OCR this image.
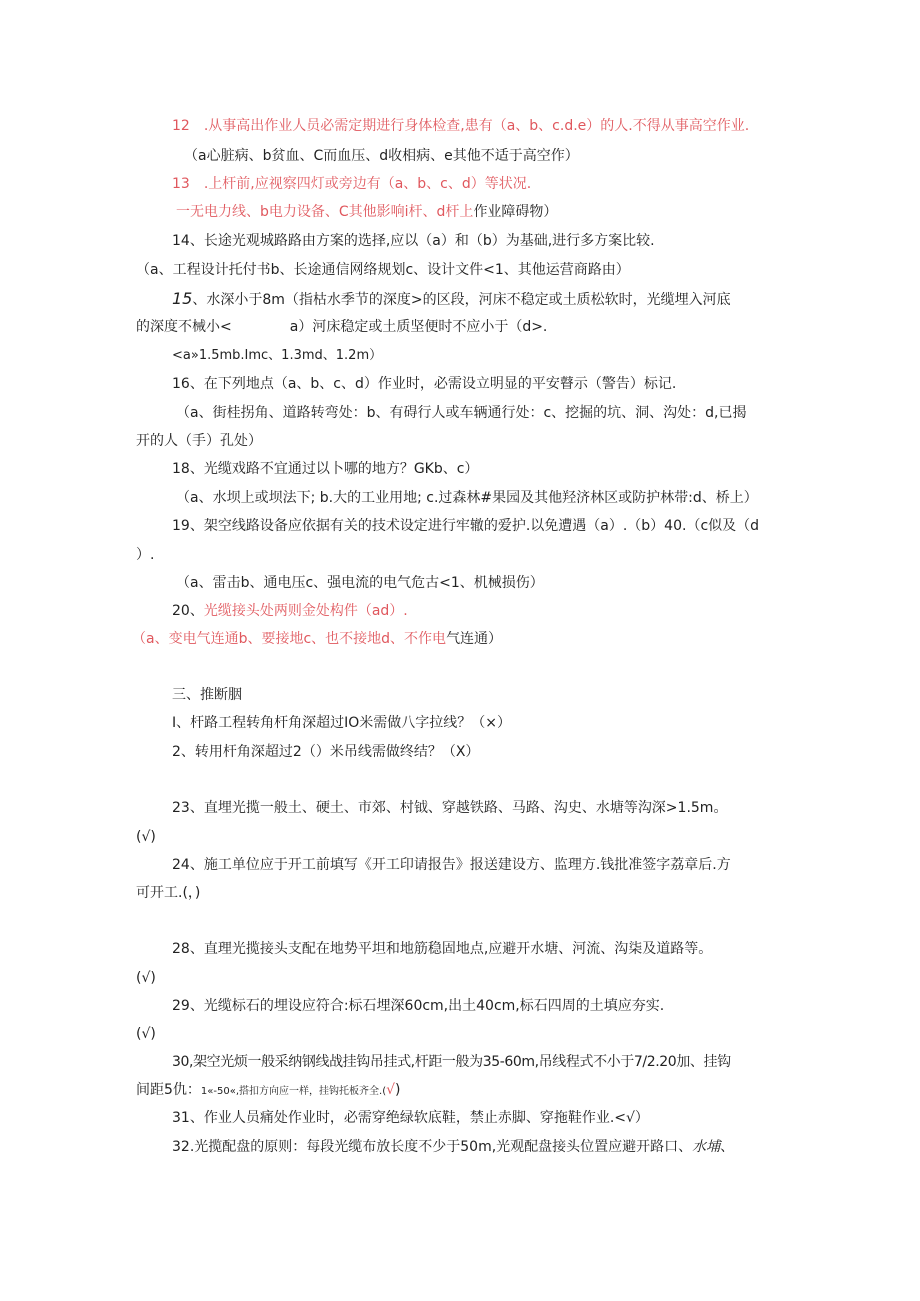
12　.从事高出作业人员必需定期进行身体检查,患有（a、b、c.d.e）的人.不得从事高空作业.
（a心脏病、b贫血、C而血压、d收相病、e其他不适于高空作）
13　.上杆前,应视察四灯或旁边有（a、b、c、d）等状况.
一无电力线、b电力设备、C其他影响i杆、d杆上作业障碍物）
14、长途光观城路路由方案的选择,应以（a）和（b）为基础,进行多方案比较.
（a、工程设计托付书b、长途通信网络规划c、设计文件<1、其他运营商路由）
15、水深小于8m（指枯水季节的深度>的区段，河床不稳定或土质松软时，光缆埋入河底
的深度不械小<	a）河床稳定或土质坚便时不应小于（d>.
<a»1.5mb.Imc、1.3md、1.2m）
16、在下列地点（a、b、c、d）作业时，必需设立明显的平安瞽示（警告）标记.
（a、街桂拐角、道路转弯处：b、有碍行人或车辆通行处：c、挖掘的坑、洞、沟处：d,已揭
开的人（手）孔处）
18、光缆戏路不宜通过以卜哪的地方？GKb、c）
（a、水坝上或坝法下; b.大的工业用地; c.过森林#果园及其他羟济林区或防护林带:d、桥上）
19、架空线路设备应依据有关的技术设定进行牢辙的爱护.以免遭遇（a）.（b）40.（c似及（d
）.
（a、雷击b、通电压c、强电流的电气危古<1、机械损伤）
20、光缆接头处两则金处构件（ad）.
（a、变电气连通b、要接地c、也不接地d、不作电气连通）
三、推断胭
I、杆路工程转角杆角深超过IO米需做八字拉线？（×）
2、转用杆角深超过2（）米吊线需做终结？（X）
23、直埋光揽一般土、硬土、市郊、村钺、穿越铁路、马路、沟史、水塘等沟深>1.5m。
(√)
24、施工单位应于开工前填写《开工印请报告》报送建设方、监理方.钱批准签字荔章后.方
可开工.(，)
28、直理光揽接头支配在地势平坦和地筋稳固地点,应避开水塘、河流、沟柒及道路等。
(√)
29、光缆标石的埋设应符合:标石埋深60cm,出土40cm,标石四周的土填应夯实.
(√)
30,架空光烦一般采纳钢线战挂钩吊挂式,杆距一般为35-60m,吊线程式不小于7/2.20加、挂钩
间距5仇：1«-50«,搭扣方向应一样，挂钩托板齐全.(√)
31、作业人员痛处作业时，必需穿绝绿软底鞋，禁止赤脚、穿拖鞋作业.<√）
32.光揽配盘的原则：每段光缆布放长度不少于50m,光观配盘接头位置应避开路口、水埔、
